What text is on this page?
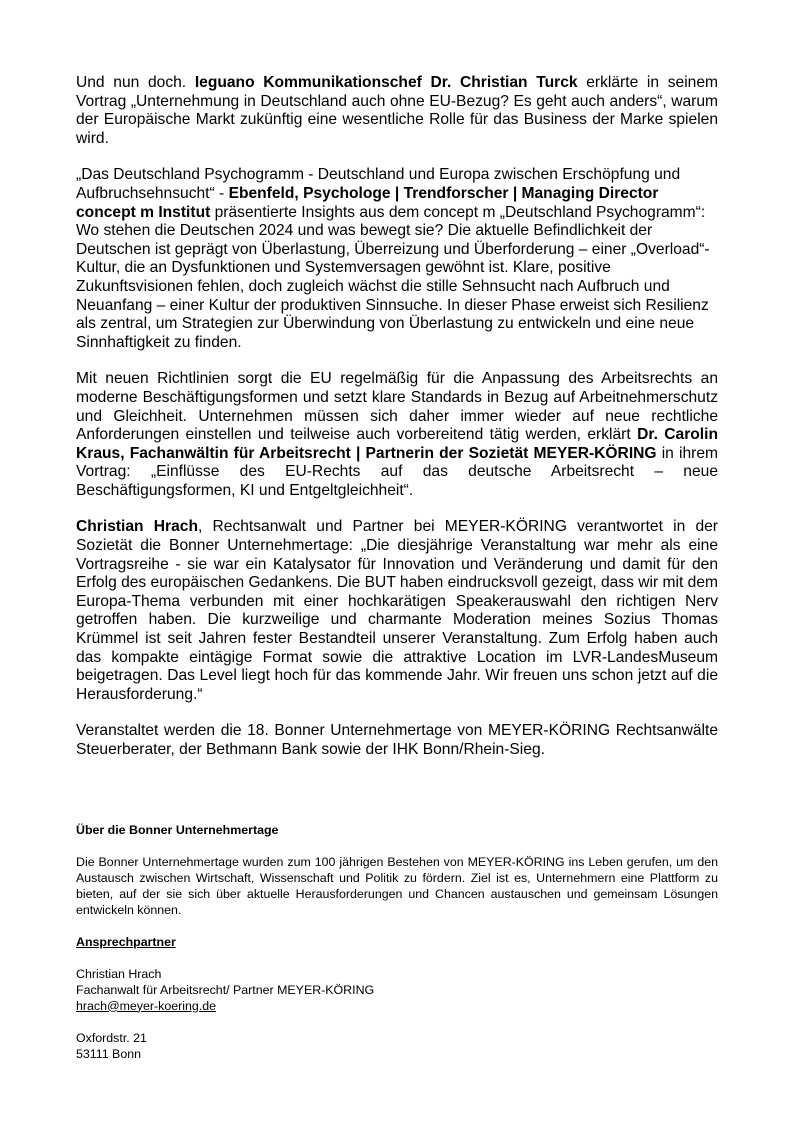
Und nun doch. Ieguano Kommunikationschef Dr. Christian Turck erklärte in seinem Vortrag „Unternehmung in Deutschland auch ohne EU-Bezug? Es geht auch anders“, warum der Europäische Markt zukünftig eine wesentliche Rolle für das Business der Marke spielen wird.

„Das Deutschland Psychogramm - Deutschland und Europa zwischen Erschöpfung und Aufbruchsehnsucht“ - Ebenfeld, Psychologe | Trendforscher | Managing Director concept m Institut präsentierte Insights aus dem concept m „Deutschland Psychogramm“: Wo stehen die Deutschen 2024 und was bewegt sie? Die aktuelle Befindlichkeit der Deutschen ist geprägt von Überlastung, Überreizung und Überforderung – einer „Overload“-Kultur, die an Dysfunktionen und Systemversagen gewöhnt ist. Klare, positive Zukunftsvisionen fehlen, doch zugleich wächst die stille Sehnsucht nach Aufbruch und Neuanfang – einer Kultur der produktiven Sinnsuche. In dieser Phase erweist sich Resilienz als zentral, um Strategien zur Überwindung von Überlastung zu entwickeln und eine neue Sinnhaftigkeit zu finden.

Mit neuen Richtlinien sorgt die EU regelmäßig für die Anpassung des Arbeitsrechts an moderne Beschäftigungsformen und setzt klare Standards in Bezug auf Arbeitnehmerschutz und Gleichheit. Unternehmen müssen sich daher immer wieder auf neue rechtliche Anforderungen einstellen und teilweise auch vorbereitend tätig werden, erklärt Dr. Carolin Kraus, Fachanwältin für Arbeitsrecht | Partnerin der Sozietät MEYER-KÖRING in ihrem Vortrag: „Einflüsse des EU-Rechts auf das deutsche Arbeitsrecht – neue Beschäftigungsformen, KI und Entgeltgleichheit“.

Christian Hrach, Rechtsanwalt und Partner bei MEYER-KÖRING verantwortet in der Sozietät die Bonner Unternehmertage: „Die diesjährige Veranstaltung war mehr als eine Vortragsreihe - sie war ein Katalysator für Innovation und Veränderung und damit für den Erfolg des europäischen Gedankens. Die BUT haben eindrucksvoll gezeigt, dass wir mit dem Europa-Thema verbunden mit einer hochkarätigen Speakerauswahl den richtigen Nerv getroffen haben. Die kurzweilige und charmante Moderation meines Sozius Thomas Krümmel ist seit Jahren fester Bestandteil unserer Veranstaltung. Zum Erfolg haben auch das kompakte eintägige Format sowie die attraktive Location im LVR-LandesMuseum beigetragen. Das Level liegt hoch für das kommende Jahr. Wir freuen uns schon jetzt auf die Herausforderung.“

Veranstaltet werden die 18. Bonner Unternehmertage von MEYER-KÖRING Rechtsanwälte Steuerberater, der Bethmann Bank sowie der IHK Bonn/Rhein-Sieg.

Über die Bonner Unternehmertage

Die Bonner Unternehmertage wurden zum 100 jährigen Bestehen von MEYER-KÖRING ins Leben gerufen, um den Austausch zwischen Wirtschaft, Wissenschaft und Politik zu fördern. Ziel ist es, Unternehmern eine Plattform zu bieten, auf der sie sich über aktuelle Herausforderungen und Chancen austauschen und gemeinsam Lösungen entwickeln können.

Ansprechpartner

Christian Hrach

Fachanwalt für Arbeitsrecht/ Partner MEYER-KÖRING

hrach@meyer-koering.de

Oxfordstr. 21

53111 Bonn
